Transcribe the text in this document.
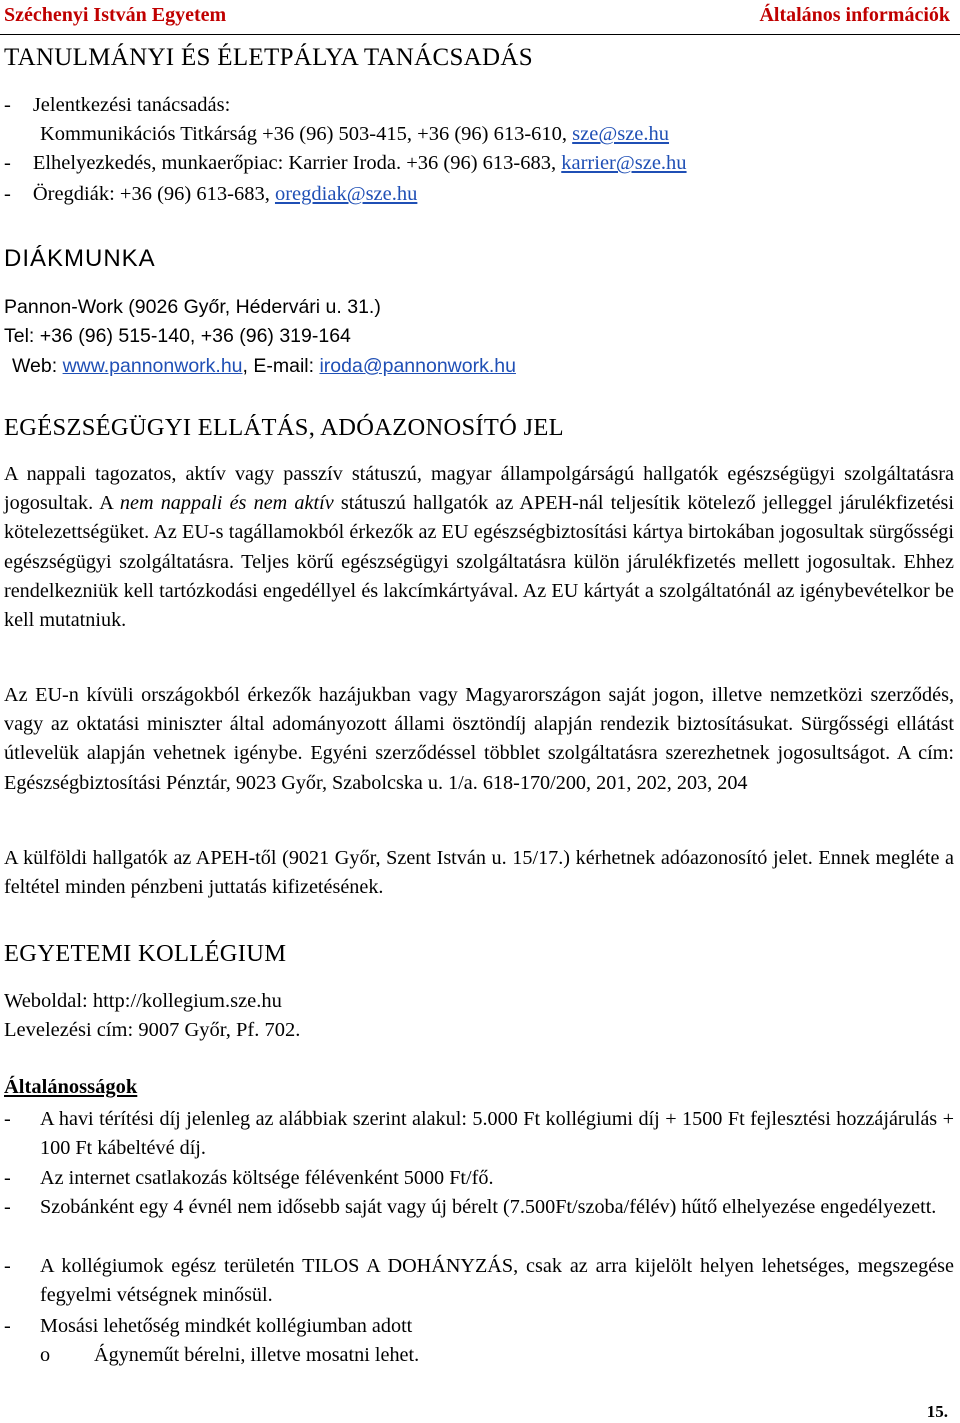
Széchenyi István Egyetem	Általános információk
TANULMÁNYI ÉS ÉLETPÁLYA TANÁCSADÁS
- Jelentkezési tanácsadás:
Kommunikációs Titkárság +36 (96) 503-415, +36 (96) 613-610, sze@sze.hu
- Elhelyezkedés, munkaerőpiac: Karrier Iroda. +36 (96) 613-683, karrier@sze.hu
- Öregdiák: +36 (96) 613-683, oregdiak@sze.hu
DIÁKMUNKA
Pannon-Work (9026 Győr, Hédervári u. 31.)
Tel: +36 (96) 515-140, +36 (96) 319-164
Web: www.pannonwork.hu, E-mail: iroda@pannonwork.hu
EGÉSZSÉGÜGYI ELLÁTÁS, ADÓAZONOSÍTÓ JEL
A nappali tagozatos, aktív vagy passzív státuszú, magyar állampolgárságú hallgatók egészségügyi szolgáltatásra jogosultak. A nem nappali és nem aktív státuszú hallgatók az APEH-nál teljesítik kötelező jelleggel járulékfizetési kötelezettségüket. Az EU-s tagállamokból érkezők az EU egészségbiztosítási kártya birtokában jogosultak sürgősségi egészségügyi szolgáltatásra. Teljes körű egészségügyi szolgáltatásra külön járulékfizetés mellett jogosultak. Ehhez rendelkezniük kell tartózkodási engedéllyel és lakcímkártyával. Az EU kártyát a szolgáltatónál az igénybevételkor be kell mutatniuk.
Az EU-n kívüli országokból érkezők hazájukban vagy Magyarországon saját jogon, illetve nemzetközi szerződés, vagy az oktatási miniszter által adományozott állami ösztöndíj alapján rendezik biztosításukat. Sürgősségi ellátást útlevelük alapján vehetnek igénybe. Egyéni szerződéssel többlet szolgáltatásra szerezhetnek jogosultságot. A cím: Egészségbiztosítási Pénztár, 9023 Győr, Szabolcska u. 1/a. 618-170/200, 201, 202, 203, 204
A külföldi hallgatók az APEH-től (9021 Győr, Szent István u. 15/17.) kérhetnek adóazonosító jelet. Ennek megléte a feltétel minden pénzbeni juttatás kifizetésének.
EGYETEMI KOLLÉGIUM
Weboldal: http://kollegium.sze.hu
Levelezési cím: 9007 Győr, Pf. 702.
Általánosságok
- A havi térítési díj jelenleg az alábbiak szerint alakul: 5.000 Ft kollégiumi díj + 1500 Ft fejlesztési hozzájárulás + 100 Ft kábeltévé díj.
- Az internet csatlakozás költsége félévenként 5000 Ft/fő.
- Szobánként egy 4 évnél nem idősebb saját vagy új bérelt (7.500Ft/szoba/félév) hűtő elhelyezése engedélyezett.
- A kollégiumok egész területén TILOS A DOHÁNYZÁS, csak az arra kijelölt helyen lehetséges, megszegése fegyelmi vétségnek minősül.
- Mosási lehetőség mindkét kollégiumban adott
o Ágyneműt bérelni, illetve mosatni lehet.
15.
